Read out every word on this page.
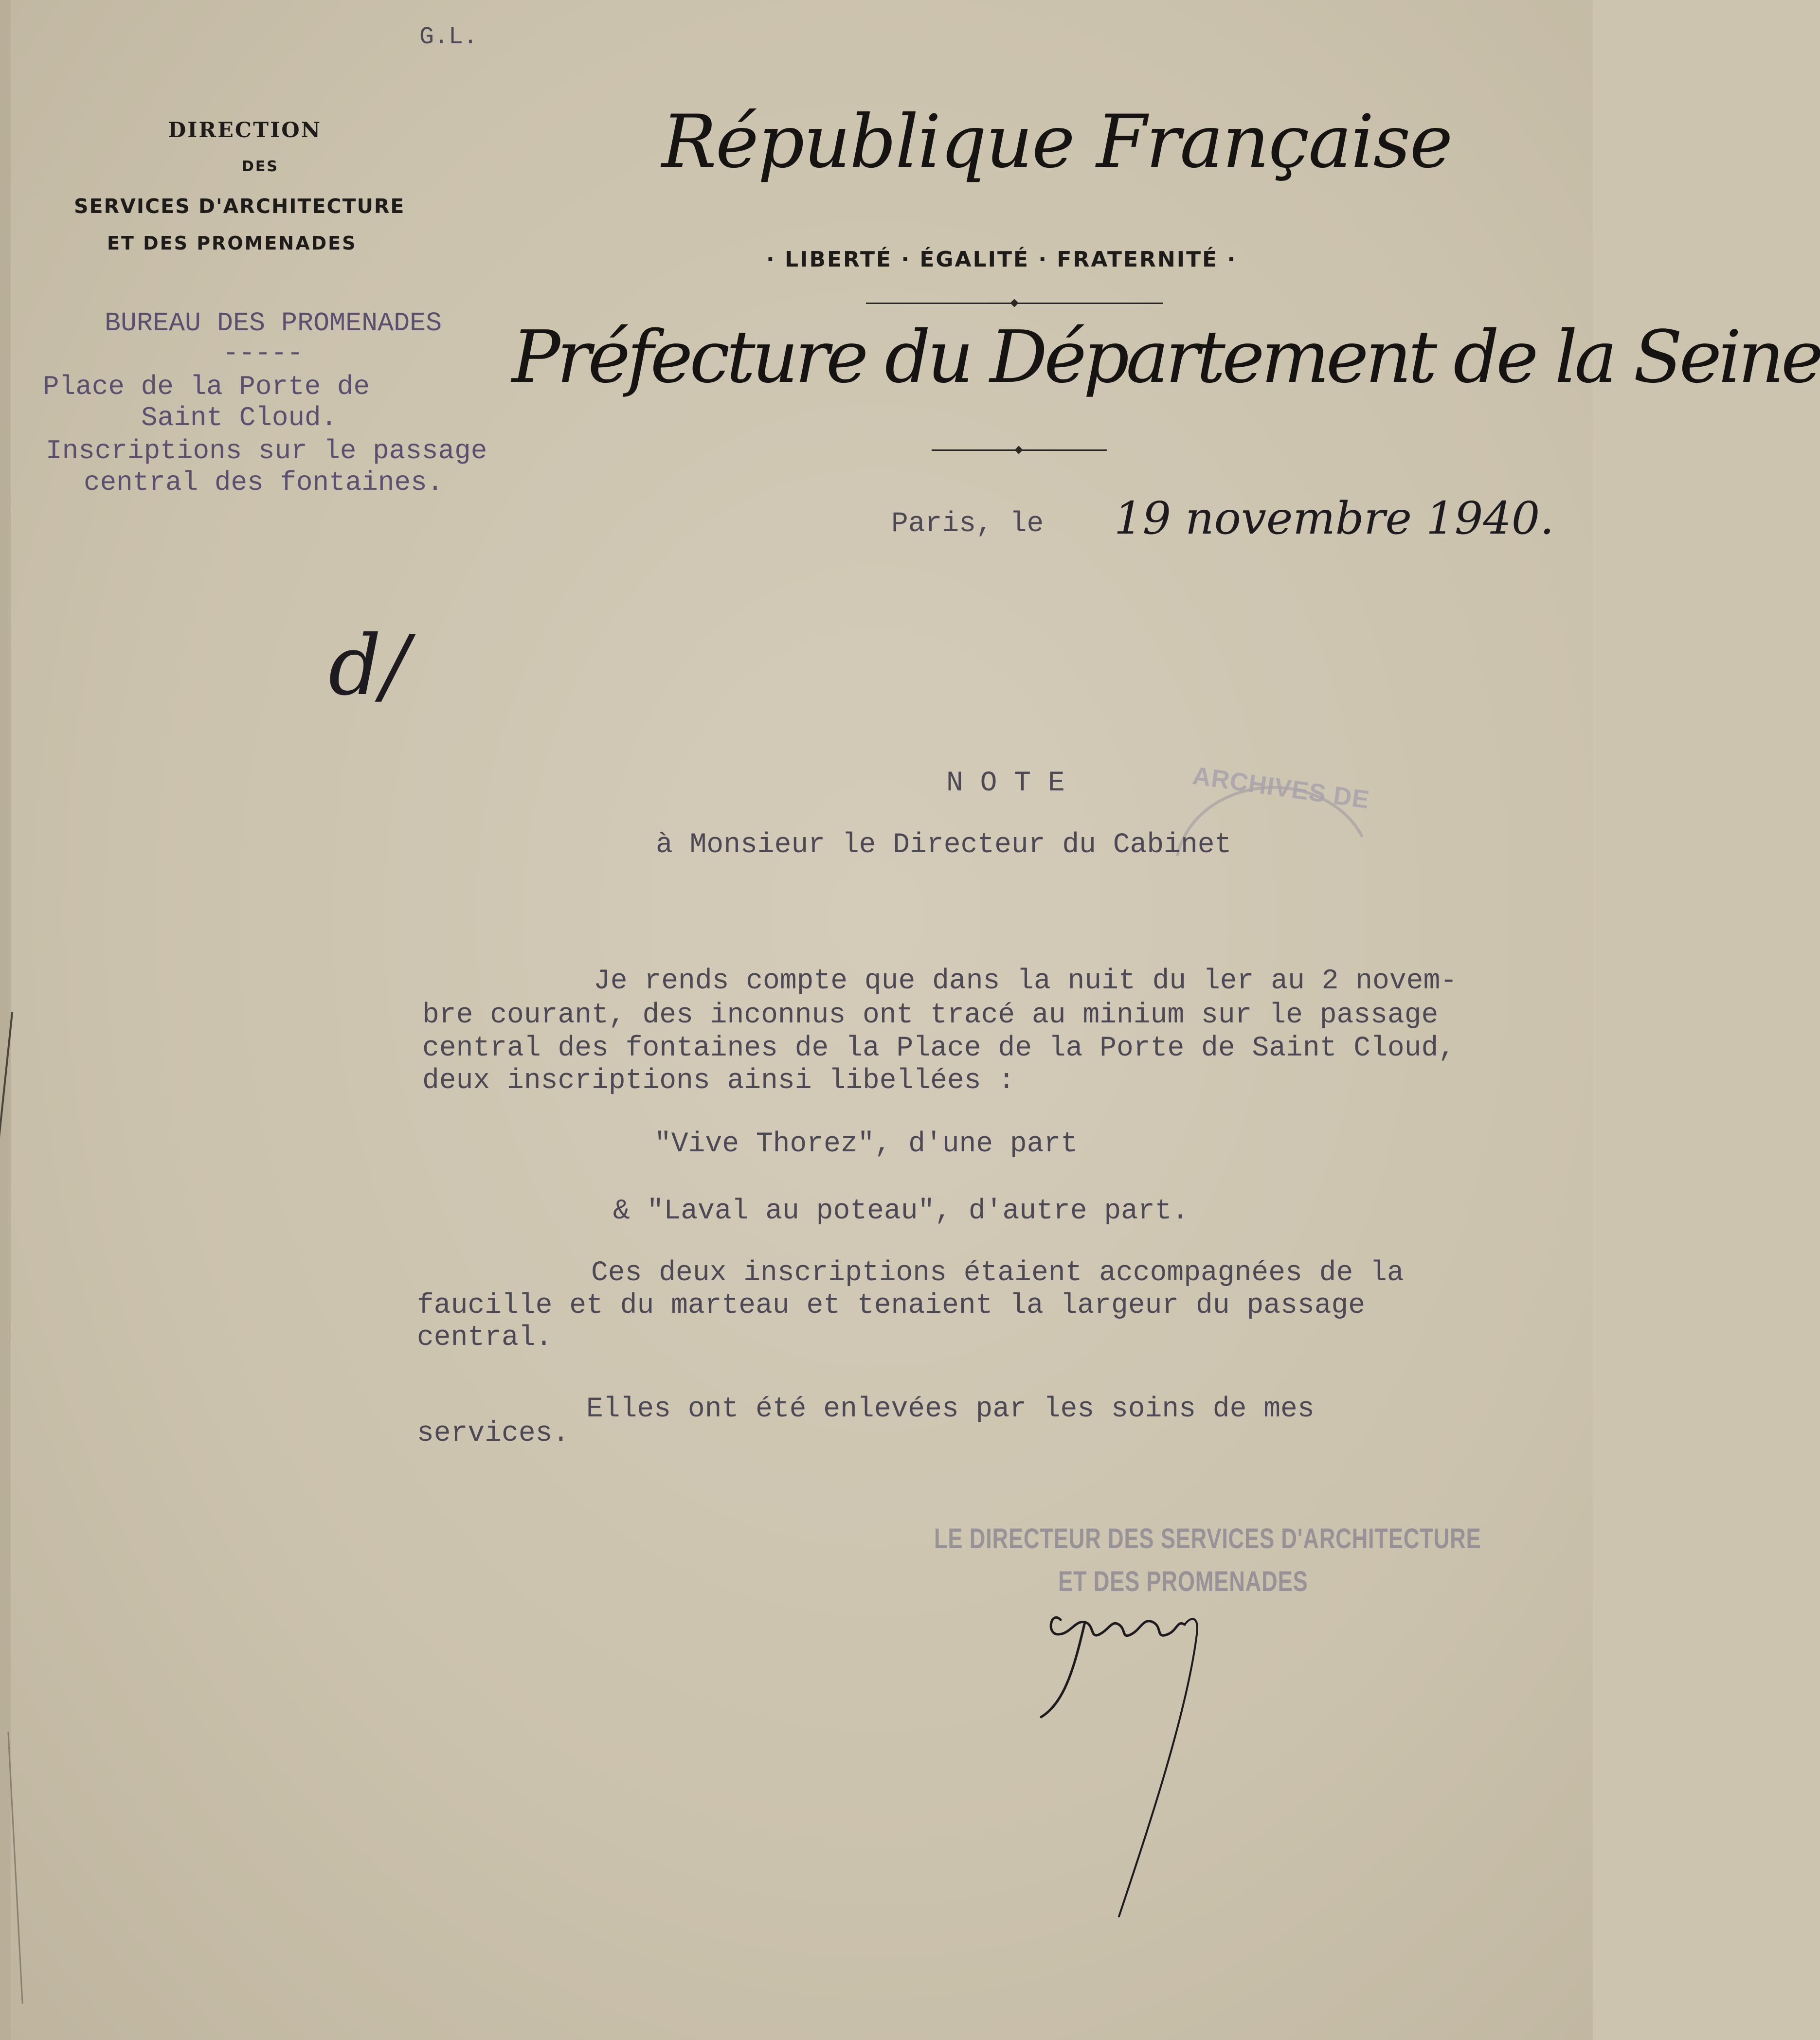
G.L.
DIRECTION
DES
SERVICES D'ARCHITECTURE
ET DES PROMENADES
BUREAU DES PROMENADES
-----
Place de la Porte de
Saint Cloud.
Inscriptions sur le passage
central des fontaines.
République Française
· LIBERTÉ · ÉGALITÉ · FRATERNITÉ ·
Préfecture du Département de la Seine
Paris, le 19 novembre 1940.
d/
ARCHIVES DE
N O T E
à Monsieur le Directeur du Cabinet
Je rends compte que dans la nuit du ler au 2 novem-
bre courant, des inconnus ont tracé au minium sur le passage
central des fontaines de la Place de la Porte de Saint Cloud,
deux inscriptions ainsi libellées :
"Vive Thorez", d'une part
& "Laval au poteau", d'autre part.
Ces deux inscriptions étaient accompagnées de la
faucille et du marteau et tenaient la largeur du passage
central.
Elles ont été enlevées par les soins de mes
services.
LE DIRECTEUR DES SERVICES D'ARCHITECTURE
ET DES PROMENADES
